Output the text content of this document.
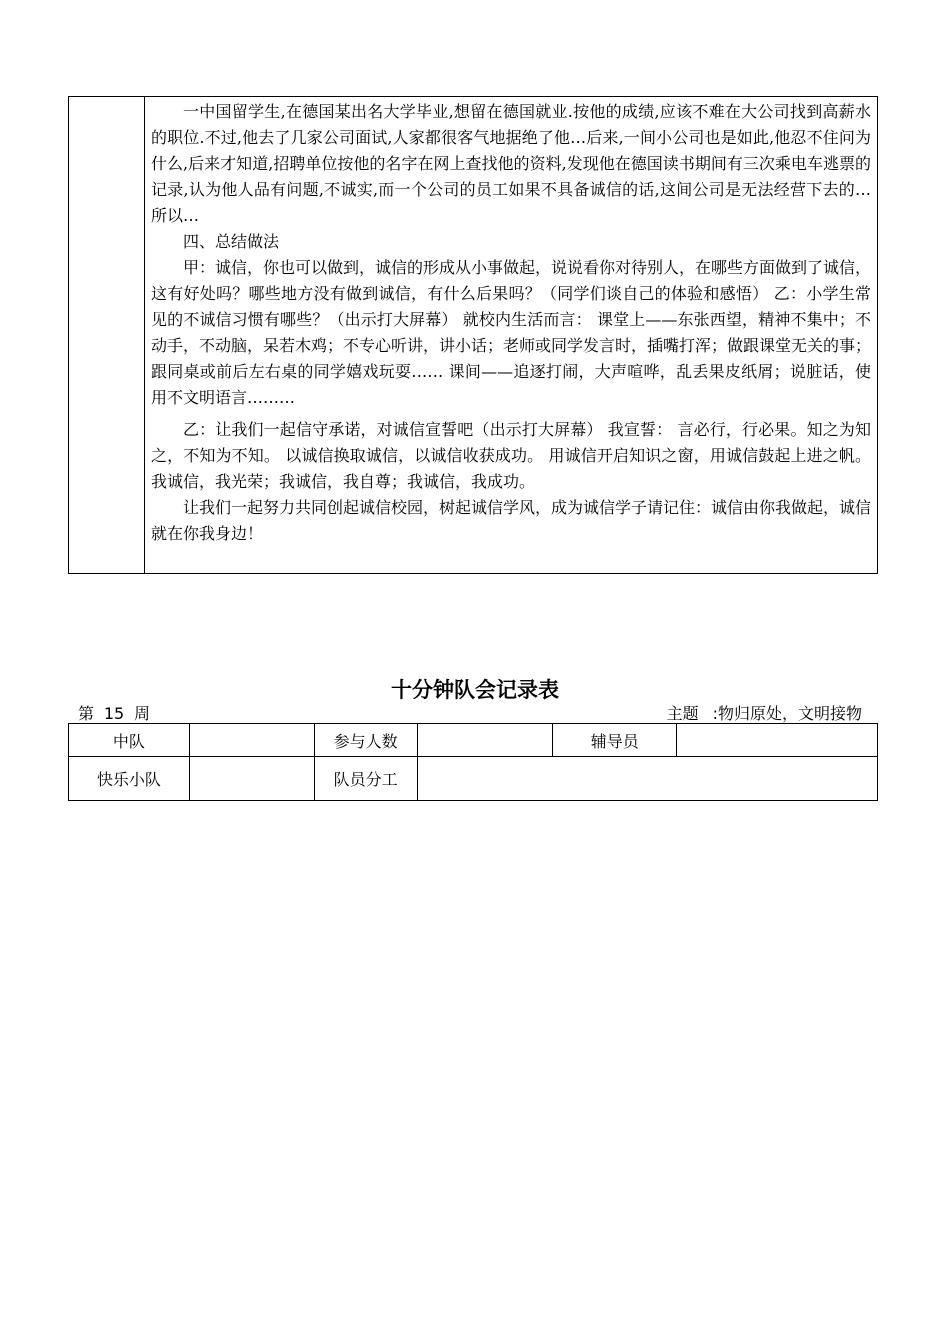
一中国留学生,在德国某出名大学毕业,想留在德国就业.按他的成绩,应该不难在大公司找到高薪水的职位.不过,他去了几家公司面试,人家都很客气地据绝了他…后来,一间小公司也是如此,他忍不住问为什么,后来才知道,招聘单位按他的名字在网上查找他的资料,发现他在德国读书期间有三次乘电车逃票的记录,认为他人品有问题,不诚实,而一个公司的员工如果不具备诚信的话,这间公司是无法经营下去的…所以…

四、总结做法

甲：诚信，你也可以做到，诚信的形成从小事做起，说说看你对待别人，在哪些方面做到了诚信，这有好处吗？哪些地方没有做到诚信，有什么后果吗？（同学们谈自己的体验和感悟） 乙：小学生常见的不诚信习惯有哪些？（出示打大屏幕） 就校内生活而言： 课堂上——东张西望，精神不集中；不动手，不动脑，呆若木鸡；不专心听讲，讲小话；老师或同学发言时，插嘴打浑；做跟课堂无关的事；跟同桌或前后左右桌的同学嬉戏玩耍…… 课间——追逐打闹，大声喧哗，乱丢果皮纸屑；说脏话，使用不文明语言………

乙：让我们一起信守承诺，对诚信宣誓吧（出示打大屏幕） 我宣誓： 言必行，行必果。知之为知之，不知为不知。 以诚信换取诚信，以诚信收获成功。 用诚信开启知识之窗，用诚信鼓起上进之帆。 我诚信，我光荣；我诚信，我自尊；我诚信，我成功。

让我们一起努力共同创起诚信校园，树起诚信学风，成为诚信学子请记住：诚信由你我做起，诚信就在你我身边！

十分钟队会记录表
第 15 周	主题 :物归原处，文明接物
中队		参与人数		辅导员	
快乐小队		队员分工			
